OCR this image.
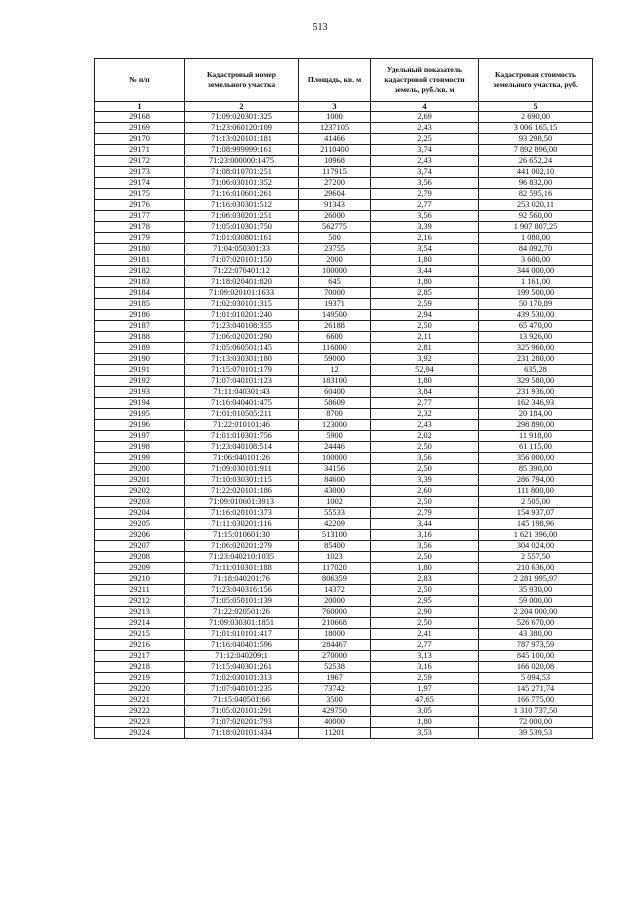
513
№ п/п	Кадастровый номер земельного участка	Площадь, кв. м	Удельный показатель кадастровой стоимости земель, руб./кв. м	Кадастровая стоимость земельного участка, руб.
1	2	3	4	5
29168	71:09:020301:325	1000	2,69	2 690,00
29169	71:23:060120:109	1237105	2,43	3 006 165,15
29170	71:13:020101:181	41466	2,25	93 298,50
29171	71:08:999999:161	2110400	3,74	7 892 896,00
29172	71:23:000000:1475	10968	2,43	26 652,24
29173	71:08:010701:251	117915	3,74	441 002,10
29174	71:06:030101:352	27200	3,56	96 832,00
29175	71:16:010601:261	29604	2,79	82 595,16
29176	71:16:030301:512	91343	2,77	253 020,11
29177	71:06:030201:251	26000	3,56	92 560,00
29178	71:05:010301:750	562775	3,39	1 907 807,25
29179	71:01:030801:161	500	2,16	1 080,00
29180	71:04:050301:33	23755	3,54	84 092,70
29181	71:07:020101:150	2000	1,80	3 600,00
29182	71:22:070401:12	100000	3,44	344 000,00
29183	71:18:020401:820	645	1,80	1 161,00
29184	71:09:020101:1633	70000	2,85	199 500,00
29185	71:02:030101:315	19371	2,59	50 170,89
29186	71:01:010201:240	149500	2,94	439 530,00
29187	71:23:040108:355	26188	2,50	65 470,00
29188	71:06:020201:290	6600	2,11	13 926,00
29189	71:05:060501:145	116000	2,81	325 960,00
29190	71:13:030301:180	59000	3,92	231 280,00
29191	71:15:070101:179	12	52,94	635,28
29192	71:07:040101:123	183100	1,80	329 580,00
29193	71:11:040301:43	60400	3,84	231 936,00
29194	71:16:040401:475	58609	2,77	162 346,93
29195	71:01:010505:211	8700	2,32	20 184,00
29196	71:22:010101:46	123000	2,43	298 890,00
29197	71:01:010301:756	5900	2,02	11 918,00
29198	71:23:040108:514	24446	2,50	61 115,00
29199	71:06:040101:26	100000	3,56	356 000,00
29200	71:09:030101:911	34156	2,50	85 390,00
29201	71:10:030301:115	84600	3,39	286 794,00
29202	71:22:020101:186	43000	2,60	111 800,00
29203	71:09:010601:3913	1002	2,50	2 505,00
29204	71:16:020101:373	55533	2,79	154 937,07
29205	71:11:030201:116	42209	3,44	145 198,96
29206	71:15:010601:30	513100	3,16	1 621 396,00
29207	71:06:020201:279	85400	3,56	304 024,00
29208	71:23:040210:1035	1023	2,50	2 557,50
29209	71:11:010301:188	117020	1,80	210 636,00
29210	71:18:040201:76	806359	2,83	2 281 995,97
29211	71:23:040316:156	14372	2,50	35 930,00
29212	71:05:050101:139	20000	2,95	59 000,00
29213	71:22:020501:26	760000	2,90	2 204 000,00
29214	71:09:030301:1851	210668	2,50	526 670,00
29215	71:01:010101:417	18000	2,41	43 380,00
29216	71:16:040401:596	284467	2,77	787 973,59
29217	71:12:040209:1	270000	3,13	845 100,00
29218	71:15:040301:261	52538	3,16	166 020,08
29219	71:02:030101:313	1967	2,59	5 094,53
29220	71:07:040101:235	73742	1,97	145 271,74
29221	71:15:040501:66	3500	47,65	166 775,00
29222	71:05:020101:291	429750	3,05	1 310 737,50
29223	71:07:020201:793	40000	1,80	72 000,00
29224	71:18:020101:434	11201	3,53	39 539,53
